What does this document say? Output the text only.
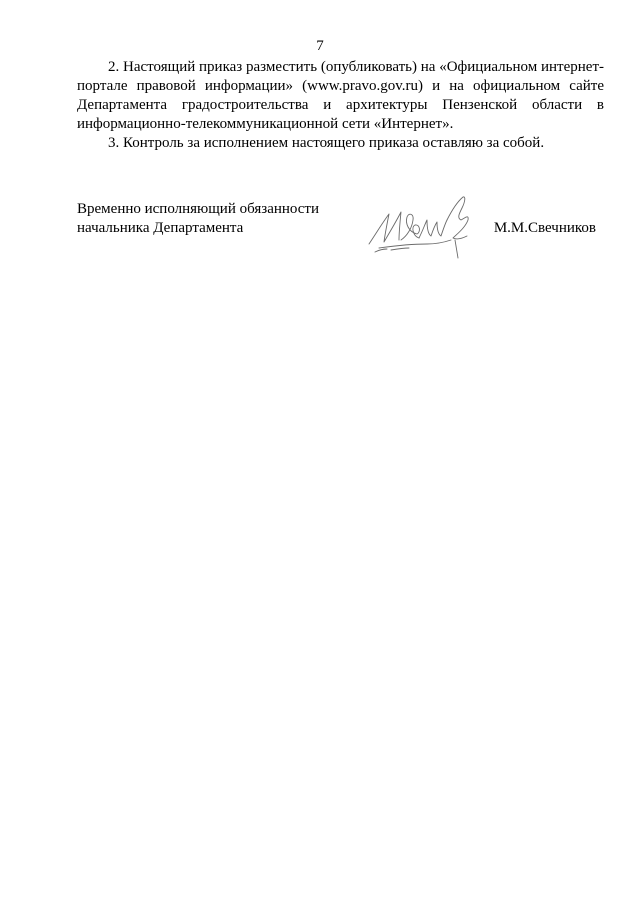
7

2. Настоящий приказ разместить (опубликовать) на «Официальном интернет-портале правовой информации» (www.pravo.gov.ru) и на официальном сайте Департамента градостроительства и архитектуры Пензенской области в информационно-телекоммуникационной сети «Интернет».

3. Контроль за исполнением настоящего приказа оставляю за собой.

Временно исполняющий обязанности
начальника Департамента	М.М.Свечников
